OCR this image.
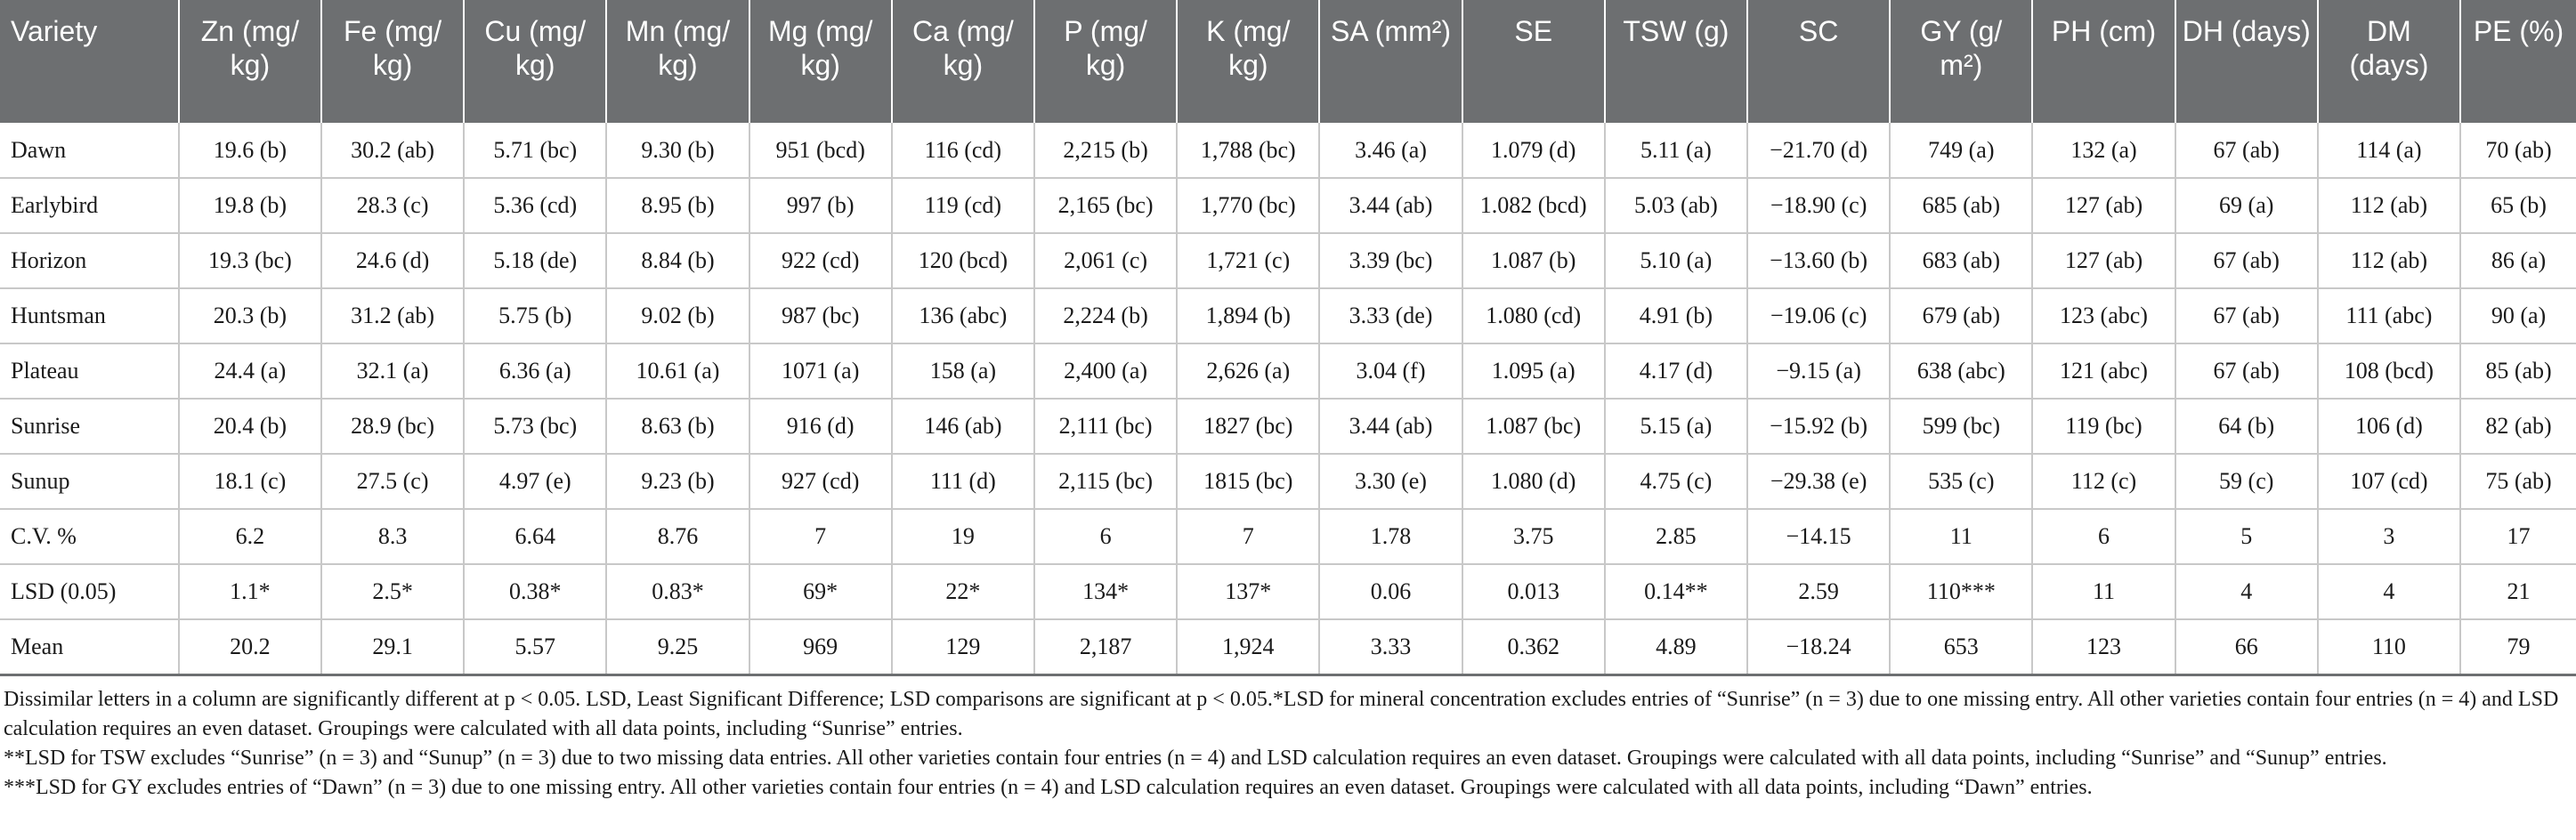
Variety	Zn (mg/ kg)	Fe (mg/ kg)	Cu (mg/ kg)	Mn (mg/ kg)	Mg (mg/ kg)	Ca (mg/ kg)	P (mg/ kg)	K (mg/ kg)	SA (mm²)	SE	TSW (g)	SC	GY (g/ m²)	PH (cm)	DH (days)	DM (days)	PE (%)
Dawn	19.6 (b)	30.2 (ab)	5.71 (bc)	9.30 (b)	951 (bcd)	116 (cd)	2,215 (b)	1,788 (bc)	3.46 (a)	1.079 (d)	5.11 (a)	−21.70 (d)	749 (a)	132 (a)	67 (ab)	114 (a)	70 (ab)
Earlybird	19.8 (b)	28.3 (c)	5.36 (cd)	8.95 (b)	997 (b)	119 (cd)	2,165 (bc)	1,770 (bc)	3.44 (ab)	1.082 (bcd)	5.03 (ab)	−18.90 (c)	685 (ab)	127 (ab)	69 (a)	112 (ab)	65 (b)
Horizon	19.3 (bc)	24.6 (d)	5.18 (de)	8.84 (b)	922 (cd)	120 (bcd)	2,061 (c)	1,721 (c)	3.39 (bc)	1.087 (b)	5.10 (a)	−13.60 (b)	683 (ab)	127 (ab)	67 (ab)	112 (ab)	86 (a)
Huntsman	20.3 (b)	31.2 (ab)	5.75 (b)	9.02 (b)	987 (bc)	136 (abc)	2,224 (b)	1,894 (b)	3.33 (de)	1.080 (cd)	4.91 (b)	−19.06 (c)	679 (ab)	123 (abc)	67 (ab)	111 (abc)	90 (a)
Plateau	24.4 (a)	32.1 (a)	6.36 (a)	10.61 (a)	1071 (a)	158 (a)	2,400 (a)	2,626 (a)	3.04 (f)	1.095 (a)	4.17 (d)	−9.15 (a)	638 (abc)	121 (abc)	67 (ab)	108 (bcd)	85 (ab)
Sunrise	20.4 (b)	28.9 (bc)	5.73 (bc)	8.63 (b)	916 (d)	146 (ab)	2,111 (bc)	1827 (bc)	3.44 (ab)	1.087 (bc)	5.15 (a)	−15.92 (b)	599 (bc)	119 (bc)	64 (b)	106 (d)	82 (ab)
Sunup	18.1 (c)	27.5 (c)	4.97 (e)	9.23 (b)	927 (cd)	111 (d)	2,115 (bc)	1815 (bc)	3.30 (e)	1.080 (d)	4.75 (c)	−29.38 (e)	535 (c)	112 (c)	59 (c)	107 (cd)	75 (ab)
C.V. %	6.2	8.3	6.64	8.76	7	19	6	7	1.78	3.75	2.85	−14.15	11	6	5	3	17
LSD (0.05)	1.1*	2.5*	0.38*	0.83*	69*	22*	134*	137*	0.06	0.013	0.14**	2.59	110***	11	4	4	21
Mean	20.2	29.1	5.57	9.25	969	129	2,187	1,924	3.33	0.362	4.89	−18.24	653	123	66	110	79

Dissimilar letters in a column are significantly different at p < 0.05. LSD, Least Significant Difference; LSD comparisons are significant at p < 0.05.*LSD for mineral concentration excludes entries of “Sunrise” (n = 3) due to one missing entry. All other varieties contain four entries (n = 4) and LSD calculation requires an even dataset. Groupings were calculated with all data points, including “Sunrise” entries.

**LSD for TSW excludes “Sunrise” (n = 3) and “Sunup” (n = 3) due to two missing data entries. All other varieties contain four entries (n = 4) and LSD calculation requires an even dataset. Groupings were calculated with all data points, including “Sunrise” and “Sunup” entries.

***LSD for GY excludes entries of “Dawn” (n = 3) due to one missing entry. All other varieties contain four entries (n = 4) and LSD calculation requires an even dataset. Groupings were calculated with all data points, including “Dawn” entries.
